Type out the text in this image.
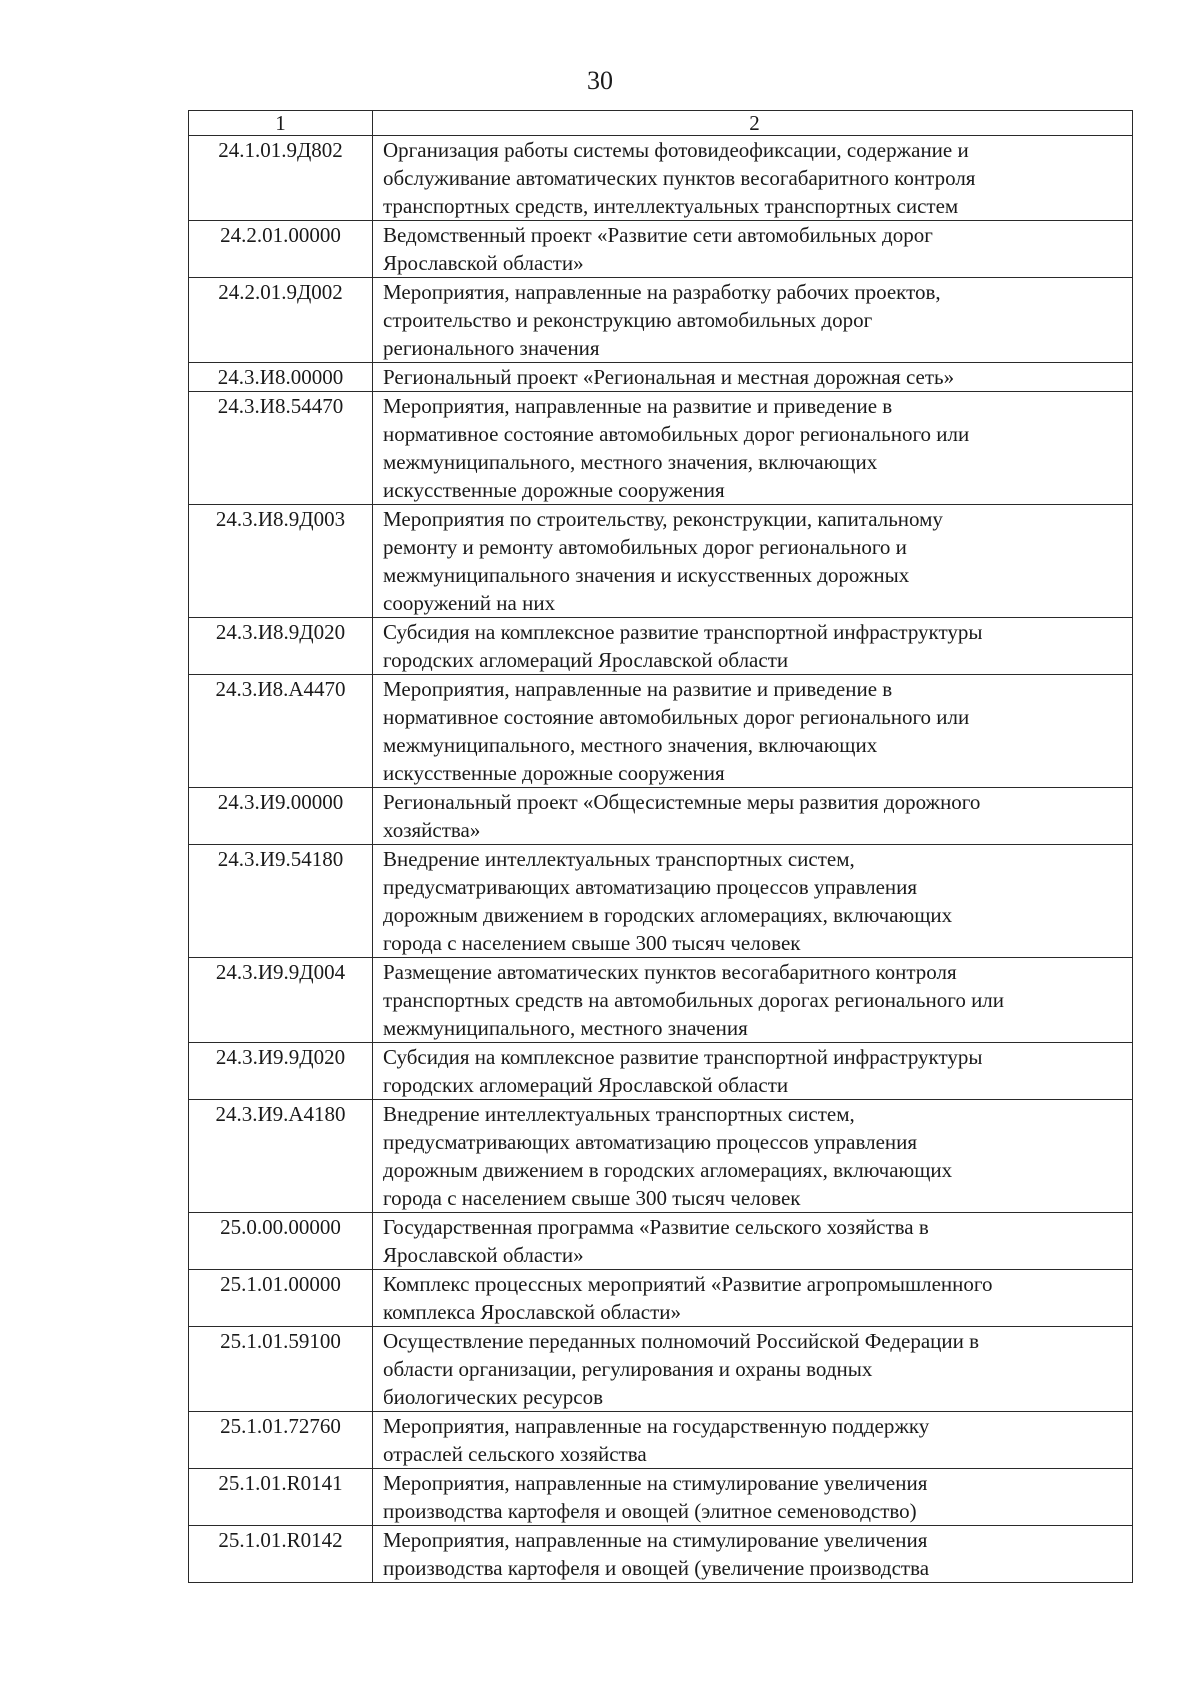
30
1	2
24.1.01.9Д802	Организация работы системы фотовидеофиксации, содержание и
обслуживание автоматических пунктов весогабаритного контроля
транспортных средств, интеллектуальных транспортных систем

24.2.01.00000	Ведомственный проект «Развитие сети автомобильных дорог
Ярославской области»

24.2.01.9Д002	Мероприятия, направленные на разработку рабочих проектов,
строительство и реконструкцию автомобильных дорог
регионального значения

24.3.И8.00000	Региональный проект «Региональная и местная дорожная сеть»

24.3.И8.54470	Мероприятия, направленные на развитие и приведение в
нормативное состояние автомобильных дорог регионального или
межмуниципального, местного значения, включающих
искусственные дорожные сооружения

24.3.И8.9Д003	Мероприятия по строительству, реконструкции, капитальному
ремонту и ремонту автомобильных дорог регионального и
межмуниципального значения и искусственных дорожных
сооружений на них

24.3.И8.9Д020	Субсидия на комплексное развитие транспортной инфраструктуры
городских агломераций Ярославской области

24.3.И8.А4470	Мероприятия, направленные на развитие и приведение в
нормативное состояние автомобильных дорог регионального или
межмуниципального, местного значения, включающих
искусственные дорожные сооружения

24.3.И9.00000	Региональный проект «Общесистемные меры развития дорожного
хозяйства»

24.3.И9.54180	Внедрение интеллектуальных транспортных систем,
предусматривающих автоматизацию процессов управления
дорожным движением в городских агломерациях, включающих
города с населением свыше 300 тысяч человек

24.3.И9.9Д004	Размещение автоматических пунктов весогабаритного контроля
транспортных средств на автомобильных дорогах регионального или
межмуниципального, местного значения

24.3.И9.9Д020	Субсидия на комплексное развитие транспортной инфраструктуры
городских агломераций Ярославской области

24.3.И9.А4180	Внедрение интеллектуальных транспортных систем,
предусматривающих автоматизацию процессов управления
дорожным движением в городских агломерациях, включающих
города с населением свыше 300 тысяч человек

25.0.00.00000	Государственная программа «Развитие сельского хозяйства в
Ярославской области»

25.1.01.00000	Комплекс процессных мероприятий «Развитие агропромышленного
комплекса Ярославской области»

25.1.01.59100	Осуществление переданных полномочий Российской Федерации в
области организации, регулирования и охраны водных
биологических ресурсов

25.1.01.72760	Мероприятия, направленные на государственную поддержку
отраслей сельского хозяйства

25.1.01.R0141	Мероприятия, направленные на стимулирование увеличения
производства картофеля и овощей (элитное семеноводство)

25.1.01.R0142	Мероприятия, направленные на стимулирование увеличения
производства картофеля и овощей (увеличение производства
